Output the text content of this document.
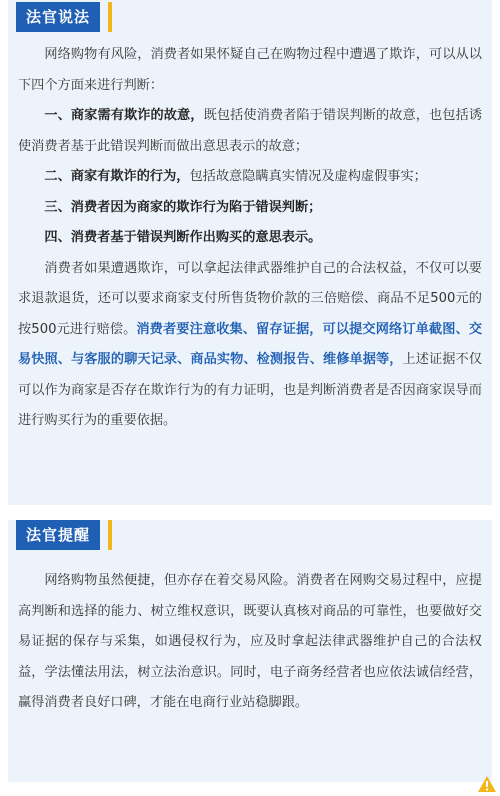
法官说法

网络购物有风险，消费者如果怀疑自己在购物过程中遭遇了欺诈，可以从以下四个方面来进行判断：

一、商家需有欺诈的故意，既包括使消费者陷于错误判断的故意，也包括诱使消费者基于此错误判断而做出意思表示的故意；

二、商家有欺诈的行为，包括故意隐瞒真实情况及虚构虚假事实；

三、消费者因为商家的欺诈行为陷于错误判断；

四、消费者基于错误判断作出购买的意思表示。

消费者如果遭遇欺诈，可以拿起法律武器维护自己的合法权益，不仅可以要求退款退货，还可以要求商家支付所售货物价款的三倍赔偿、商品不足500元的按500元进行赔偿。消费者要注意收集、留存证据，可以提交网络订单截图、交易快照、与客服的聊天记录、商品实物、检测报告、维修单据等，上述证据不仅可以作为商家是否存在欺诈行为的有力证明，也是判断消费者是否因商家误导而进行购买行为的重要依据。

法官提醒

网络购物虽然便捷，但亦存在着交易风险。消费者在网购交易过程中，应提高判断和选择的能力、树立维权意识，既要认真核对商品的可靠性，也要做好交易证据的保存与采集，如遇侵权行为，应及时拿起法律武器维护自己的合法权益，学法懂法用法，树立法治意识。同时，电子商务经营者也应依法诚信经营，赢得消费者良好口碑，才能在电商行业站稳脚跟。
